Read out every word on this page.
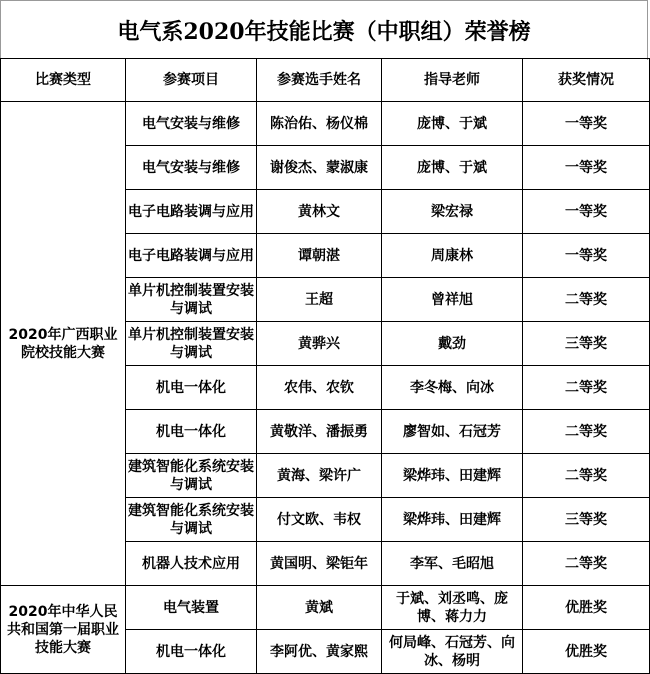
电气系2020年技能比赛（中职组）荣誉榜
比赛类型	参赛项目	参赛选手姓名	指导老师	获奖情况
2020年广西职业院校技能大赛	电气安装与维修	陈治佑、杨仪棉	庞博、于斌	一等奖
	电气安装与维修	谢俊杰、蒙淑康	庞博、于斌	一等奖
	电子电路装调与应用	黄林文	梁宏禄	一等奖
	电子电路装调与应用	谭朝湛	周康林	一等奖
	单片机控制装置安装与调试	王超	曾祥旭	二等奖
	单片机控制装置安装与调试	黄骅兴	戴劲	三等奖
	机电一体化	农伟、农钦	李冬梅、向冰	二等奖
	机电一体化	黄敬洋、潘振勇	廖智如、石冠芳	二等奖
	建筑智能化系统安装与调试	黄海、梁许广	梁烨玮、田建辉	二等奖
	建筑智能化系统安装与调试	付文欧、韦权	梁烨玮、田建辉	三等奖
	机器人技术应用	黄国明、梁钜年	李军、毛昭旭	二等奖
2020年中华人民共和国第一届职业技能大赛	电气装置	黄斌	于斌、刘丞鸣、庞博、蒋力力	优胜奖
	机电一体化	李阿优、黄家熙	何局峰、石冠芳、向冰、杨明	优胜奖
